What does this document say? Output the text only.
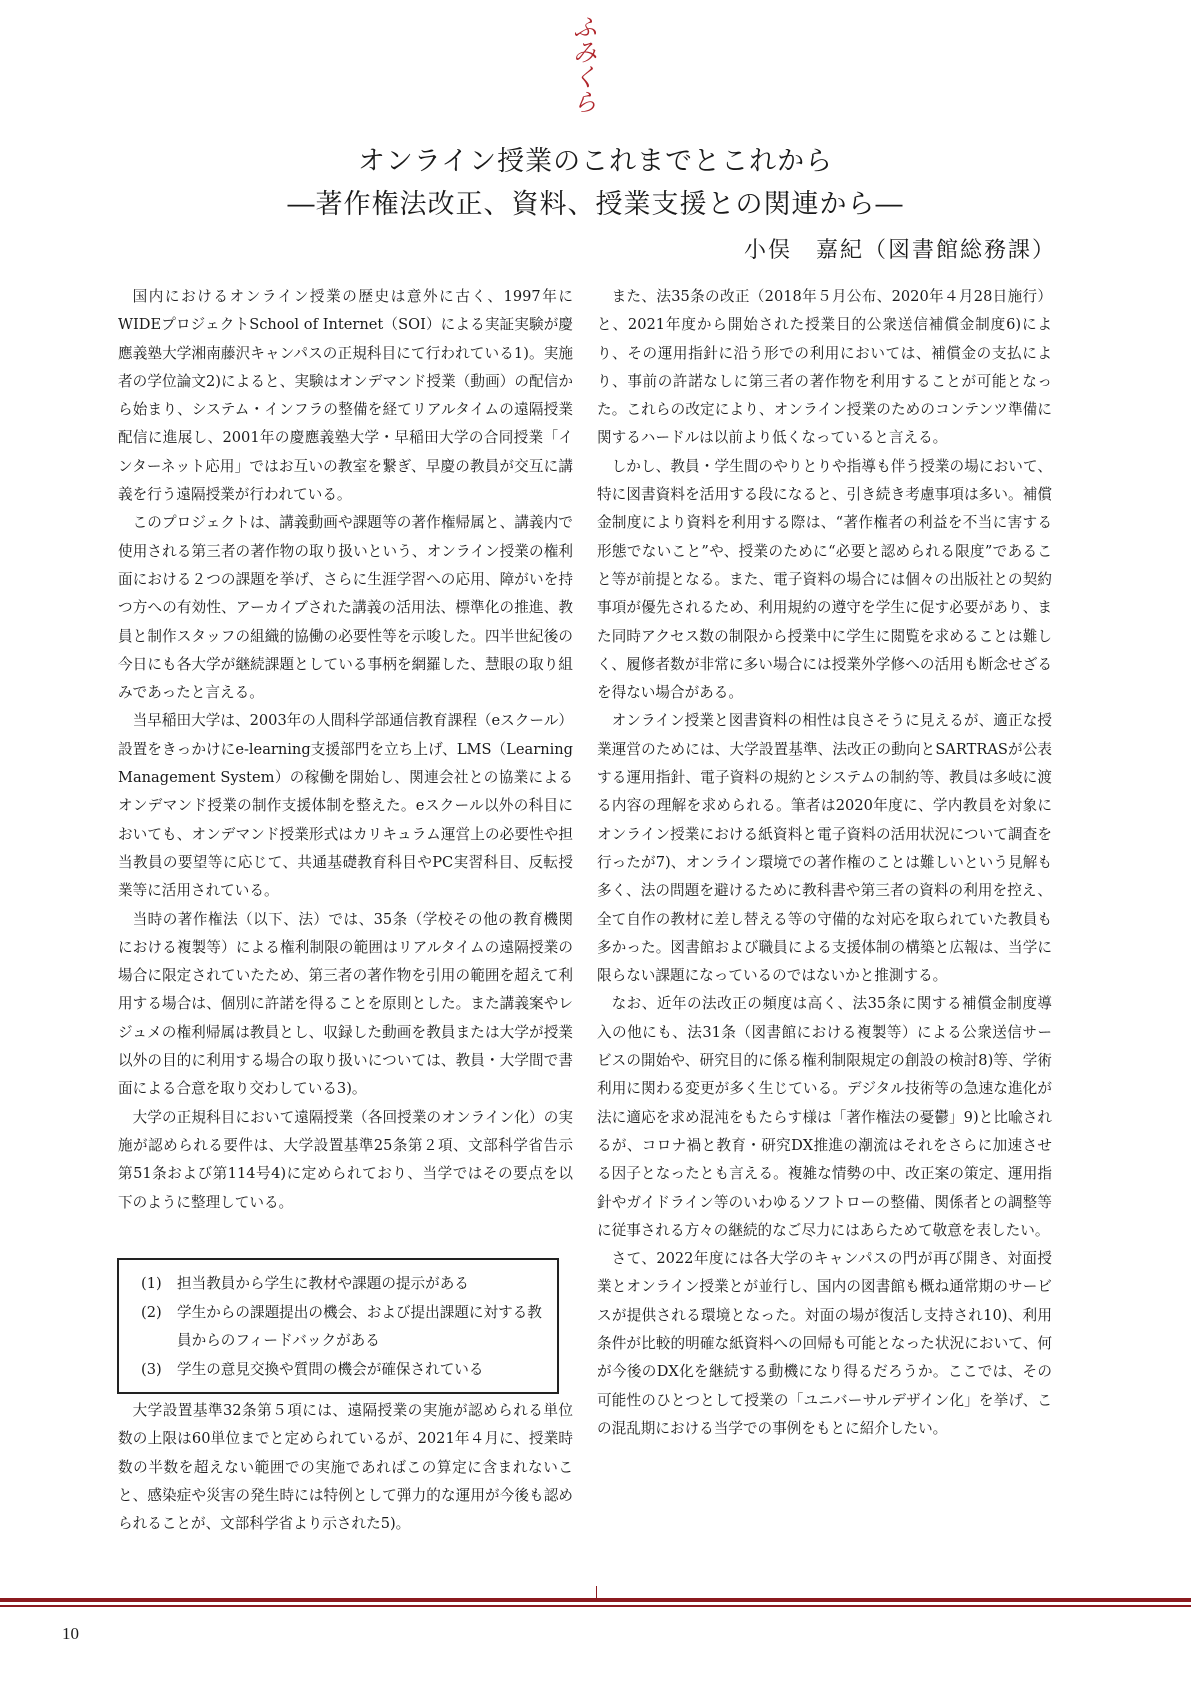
ふみくら
オンライン授業のこれまでとこれから
―著作権法改正、資料、授業支援との関連から―
小俣　嘉紀（図書館総務課）

国内におけるオンライン授業の歴史は意外に古く、1997年にWIDEプロジェクトSchool of Internet（SOI）による実証実験が慶應義塾大学湘南藤沢キャンパスの正規科目にて行われている1)。実施者の学位論文2)によると、実験はオンデマンド授業（動画）の配信から始まり、システム・インフラの整備を経てリアルタイムの遠隔授業配信に進展し、2001年の慶應義塾大学・早稲田大学の合同授業「インターネット応用」ではお互いの教室を繋ぎ、早慶の教員が交互に講義を行う遠隔授業が行われている。

このプロジェクトは、講義動画や課題等の著作権帰属と、講義内で使用される第三者の著作物の取り扱いという、オンライン授業の権利面における２つの課題を挙げ、さらに生涯学習への応用、障がいを持つ方への有効性、アーカイブされた講義の活用法、標準化の推進、教員と制作スタッフの組織的協働の必要性等を示唆した。四半世紀後の今日にも各大学が継続課題としている事柄を網羅した、慧眼の取り組みであったと言える。

当早稲田大学は、2003年の人間科学部通信教育課程（eスクール）設置をきっかけにe-learning支援部門を立ち上げ、LMS（Learning Management System）の稼働を開始し、関連会社との協業によるオンデマンド授業の制作支援体制を整えた。eスクール以外の科目においても、オンデマンド授業形式はカリキュラム運営上の必要性や担当教員の要望等に応じて、共通基礎教育科目やPC実習科目、反転授業等に活用されている。

当時の著作権法（以下、法）では、35条（学校その他の教育機関における複製等）による権利制限の範囲はリアルタイムの遠隔授業の場合に限定されていたため、第三者の著作物を引用の範囲を超えて利用する場合は、個別に許諾を得ることを原則とした。また講義案やレジュメの権利帰属は教員とし、収録した動画を教員または大学が授業以外の目的に利用する場合の取り扱いについては、教員・大学間で書面による合意を取り交わしている3)。

大学の正規科目において遠隔授業（各回授業のオンライン化）の実施が認められる要件は、大学設置基準25条第２項、文部科学省告示第51条および第114号4)に定められており、当学ではその要点を以下のように整理している。

(1)	担当教員から学生に教材や課題の提示がある
(2)	学生からの課題提出の機会、および提出課題に対する教員からのフィードバックがある
(3)	学生の意見交換や質問の機会が確保されている

大学設置基準32条第５項には、遠隔授業の実施が認められる単位数の上限は60単位までと定められているが、2021年４月に、授業時数の半数を超えない範囲での実施であればこの算定に含まれないこと、感染症や災害の発生時には特例として弾力的な運用が今後も認められることが、文部科学省より示された5)。

また、法35条の改正（2018年５月公布、2020年４月28日施行）と、2021年度から開始された授業目的公衆送信補償金制度6)により、その運用指針に沿う形での利用においては、補償金の支払により、事前の許諾なしに第三者の著作物を利用することが可能となった。これらの改定により、オンライン授業のためのコンテンツ準備に関するハードルは以前より低くなっていると言える。

しかし、教員・学生間のやりとりや指導も伴う授業の場において、特に図書資料を活用する段になると、引き続き考慮事項は多い。補償金制度により資料を利用する際は、“著作権者の利益を不当に害する形態でないこと”や、授業のために“必要と認められる限度”であること等が前提となる。また、電子資料の場合には個々の出版社との契約事項が優先されるため、利用規約の遵守を学生に促す必要があり、また同時アクセス数の制限から授業中に学生に閲覧を求めることは難しく、履修者数が非常に多い場合には授業外学修への活用も断念せざるを得ない場合がある。

オンライン授業と図書資料の相性は良さそうに見えるが、適正な授業運営のためには、大学設置基準、法改正の動向とSARTRASが公表する運用指針、電子資料の規約とシステムの制約等、教員は多岐に渡る内容の理解を求められる。筆者は2020年度に、学内教員を対象にオンライン授業における紙資料と電子資料の活用状況について調査を行ったが7)、オンライン環境での著作権のことは難しいという見解も多く、法の問題を避けるために教科書や第三者の資料の利用を控え、全て自作の教材に差し替える等の守備的な対応を取られていた教員も多かった。図書館および職員による支援体制の構築と広報は、当学に限らない課題になっているのではないかと推測する。

なお、近年の法改正の頻度は高く、法35条に関する補償金制度導入の他にも、法31条（図書館における複製等）による公衆送信サービスの開始や、研究目的に係る権利制限規定の創設の検討8)等、学術利用に関わる変更が多く生じている。デジタル技術等の急速な進化が法に適応を求め混沌をもたらす様は「著作権法の憂鬱」9)と比喩されるが、コロナ禍と教育・研究DX推進の潮流はそれをさらに加速させる因子となったとも言える。複雑な情勢の中、改正案の策定、運用指針やガイドライン等のいわゆるソフトローの整備、関係者との調整等に従事される方々の継続的なご尽力にはあらためて敬意を表したい。

さて、2022年度には各大学のキャンパスの門が再び開き、対面授業とオンライン授業とが並行し、国内の図書館も概ね通常期のサービスが提供される環境となった。対面の場が復活し支持され10)、利用条件が比較的明確な紙資料への回帰も可能となった状況において、何が今後のDX化を継続する動機になり得るだろうか。ここでは、その可能性のひとつとして授業の「ユニバーサルデザイン化」を挙げ、この混乱期における当学での事例をもとに紹介したい。

10
